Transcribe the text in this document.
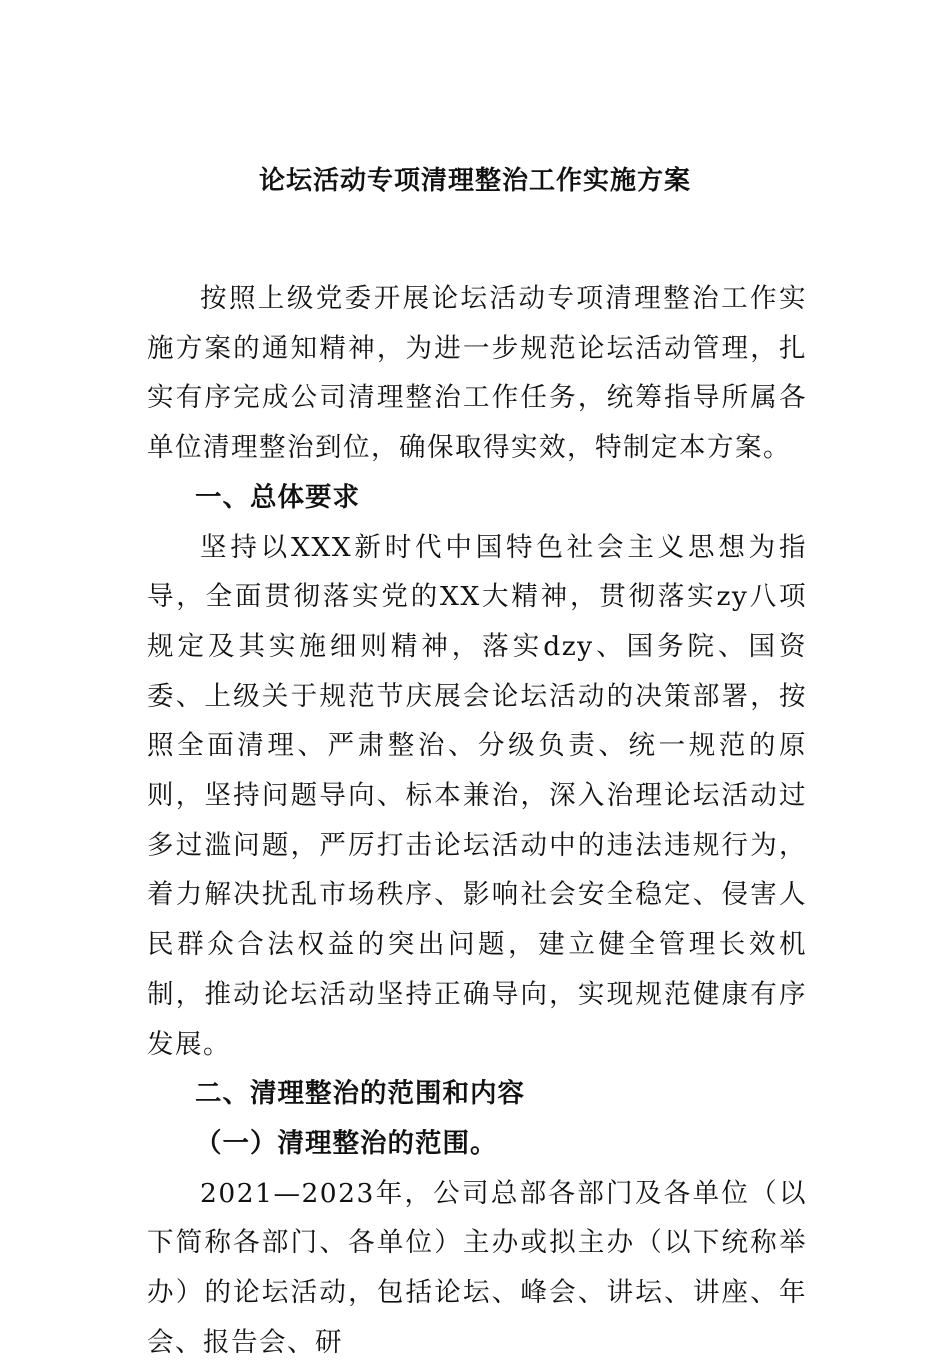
论坛活动专项清理整治工作实施方案

按照上级党委开展论坛活动专项清理整治工作实施方案的通知精神，为进一步规范论坛活动管理，扎实有序完成公司清理整治工作任务，统筹指导所属各单位清理整治到位，确保取得实效，特制定本方案。

一、总体要求

坚持以XXX新时代中国特色社会主义思想为指导，全面贯彻落实党的XX大精神，贯彻落实zy八项规定及其实施细则精神，落实dzy、国务院、国资委、上级关于规范节庆展会论坛活动的决策部署，按照全面清理、严肃整治、分级负责、统一规范的原则，坚持问题导向、标本兼治，深入治理论坛活动过多过滥问题，严厉打击论坛活动中的违法违规行为，着力解决扰乱市场秩序、影响社会安全稳定、侵害人民群众合法权益的突出问题，建立健全管理长效机制，推动论坛活动坚持正确导向，实现规范健康有序发展。

二、清理整治的范围和内容

（一）清理整治的范围。

2021—2023年，公司总部各部门及各单位（以下简称各部门、各单位）主办或拟主办（以下统称举办）的论坛活动，包括论坛、峰会、讲坛、讲座、年会、报告会、研
